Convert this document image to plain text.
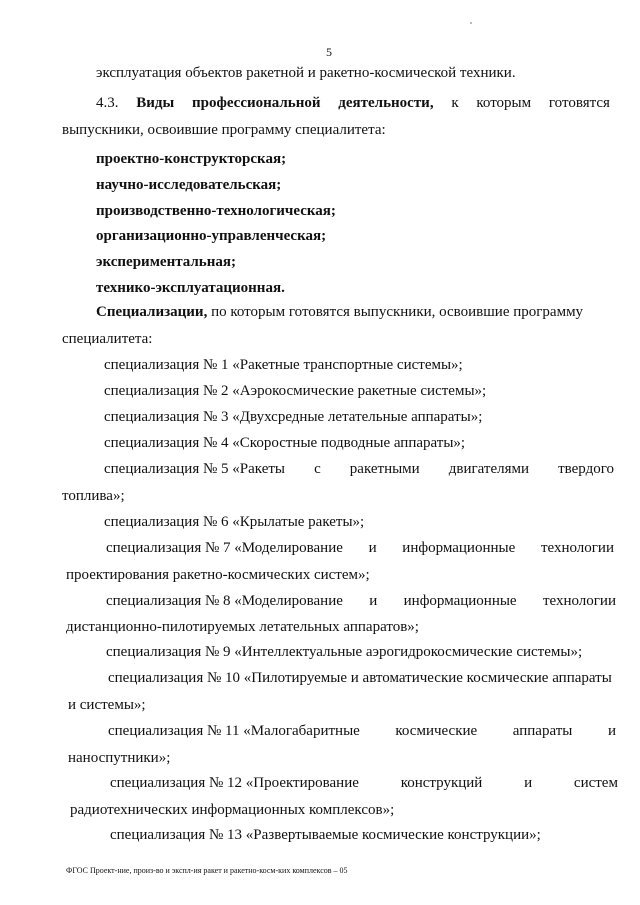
5
эксплуатация объектов ракетной и ракетно-космической техники.
4.3. Виды профессиональной деятельности, к которым готовятся
выпускники, освоившие программу специалитета:
проектно-конструкторская;
научно-исследовательская;
производственно-технологическая;
организационно-управленческая;
экспериментальная;
технико-эксплуатационная.
Специализации, по которым готовятся выпускники, освоившие программу
специалитета:
специализация № 1 «Ракетные транспортные системы»;
специализация № 2 «Аэрокосмические ракетные системы»;
специализация № 3 «Двухсредные летательные аппараты»;
специализация № 4 «Скоростные подводные аппараты»;
специализация № 5 «Ракеты с ракетными двигателями твердого
топлива»;
специализация № 6 «Крылатые ракеты»;
специализация № 7 «Моделирование и информационные технологии
проектирования ракетно-космических систем»;
специализация № 8 «Моделирование и информационные технологии
дистанционно-пилотируемых летательных аппаратов»;
специализация № 9 «Интеллектуальные аэрогидрокосмические системы»;
специализация № 10 «Пилотируемые и автоматические космические аппараты
и системы»;
специализация № 11 «Малогабаритные космические аппараты и
наноспутники»;
специализация № 12 «Проектирование	конструкций	и	систем
радиотехнических информационных комплексов»;
специализация № 13 «Развертываемые космические конструкции»;
ФГОС Проект-ние, произ-во и экспл-ия ракет и ракетно-косм-ких комплексов – 05
